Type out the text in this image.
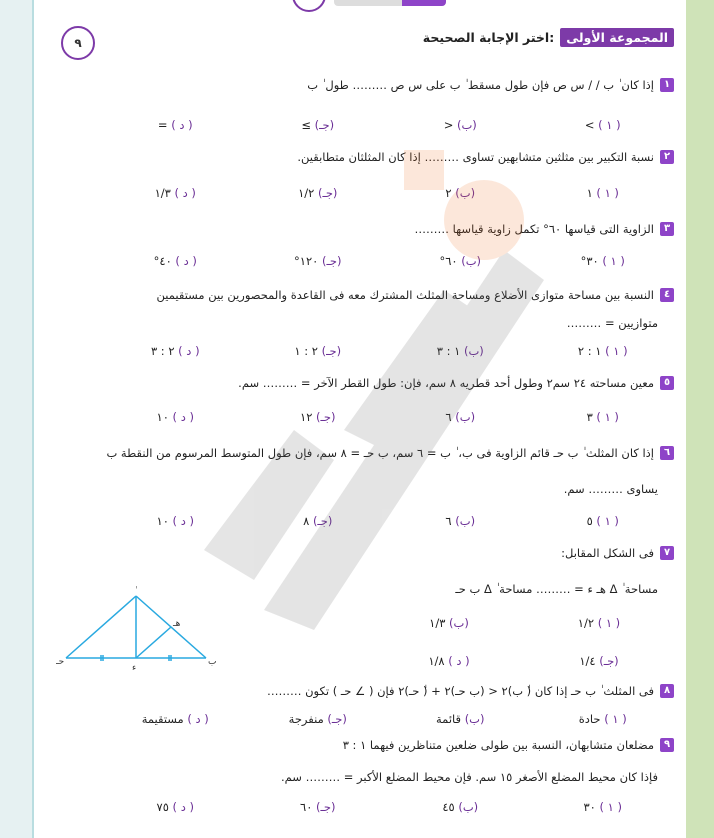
٩	المجموعة الأولى
اختر الإجابة الصحيحة:
١
إذا كان ب / / س ص فإن طول مسقط ب على ‎س ص ……… طول ب
( ١ ) >
(ب) <
(جـ) ≥
( د ) =
٢
نسبة التكبير بين مثلثين متشابهين تساوى ……… إذا كان المثلثان متطابقين.
( ١ ) ١
(ب) ٢
(جـ) ١/٢
( د ) ١/٣
٣
الزاوية التى قياسها ٦٠° تكمل زاوية قياسها ………
( ١ ) ٣٠°
(ب) ٦٠°
(جـ) ١٢٠°
( د ) ٤٠°
٤
النسبة بين مساحة متوازى الأضلاع ومساحة المثلث المشترك معه فى القاعدة والمحصورين بين مستقيمين
متوازيين = ………
( ١ ) ١ : ٢
(ب) ١ : ٣
(جـ) ٢ : ١
( د ) ٢ : ٣
٥
معين مساحته ٢٤ سم٢ وطول أحد قطريه ٨ سم، فإن: طول القطر الآخر = ……… سم.
( ١ ) ٣
(ب) ٦
(جـ) ١٢
( د ) ١٠
٦
إذا كان المثلث ب حـ قائم الزاوية فى ب، ب = ٦ سم، ب حـ = ٨ سم، فإن طول المتوسط المرسوم من النقطة ب
يساوى ……… سم.
( ١ ) ٥
(ب) ٦
(جـ) ٨
( د ) ١٠
٧
فى الشكل المقابل:
مساحة Δ ‎ٰ هـ ء = ……… مساحة Δ ‎ٰ ب حـ
( ١ ) ١/٢
(ب) ١/٣
(جـ) ١/٤
( د ) ١/٨
حـ	ب
ء
هـ
٨
فى المثلث ب حـ إذا كان (‎ٰ ب)٢ < (ب حـ)٢ + (‎ٰ حـ)٢ فإن ( ∠ حـ ) تكون ………
( ١ ) حادة
(ب) قائمة
(جـ) منفرجة
( د ) مستقيمة
٩
مضلعان متشابهان، النسبة بين طولى ضلعين متناظرين فيهما ١ : ٣
فإذا كان محيط المضلع الأصغر ١٥ سم. فإن محيط المضلع الأكبر = ……… سم.
( ١ ) ٣٠
(ب) ٤٥
(جـ) ٦٠
( د ) ٧٥
